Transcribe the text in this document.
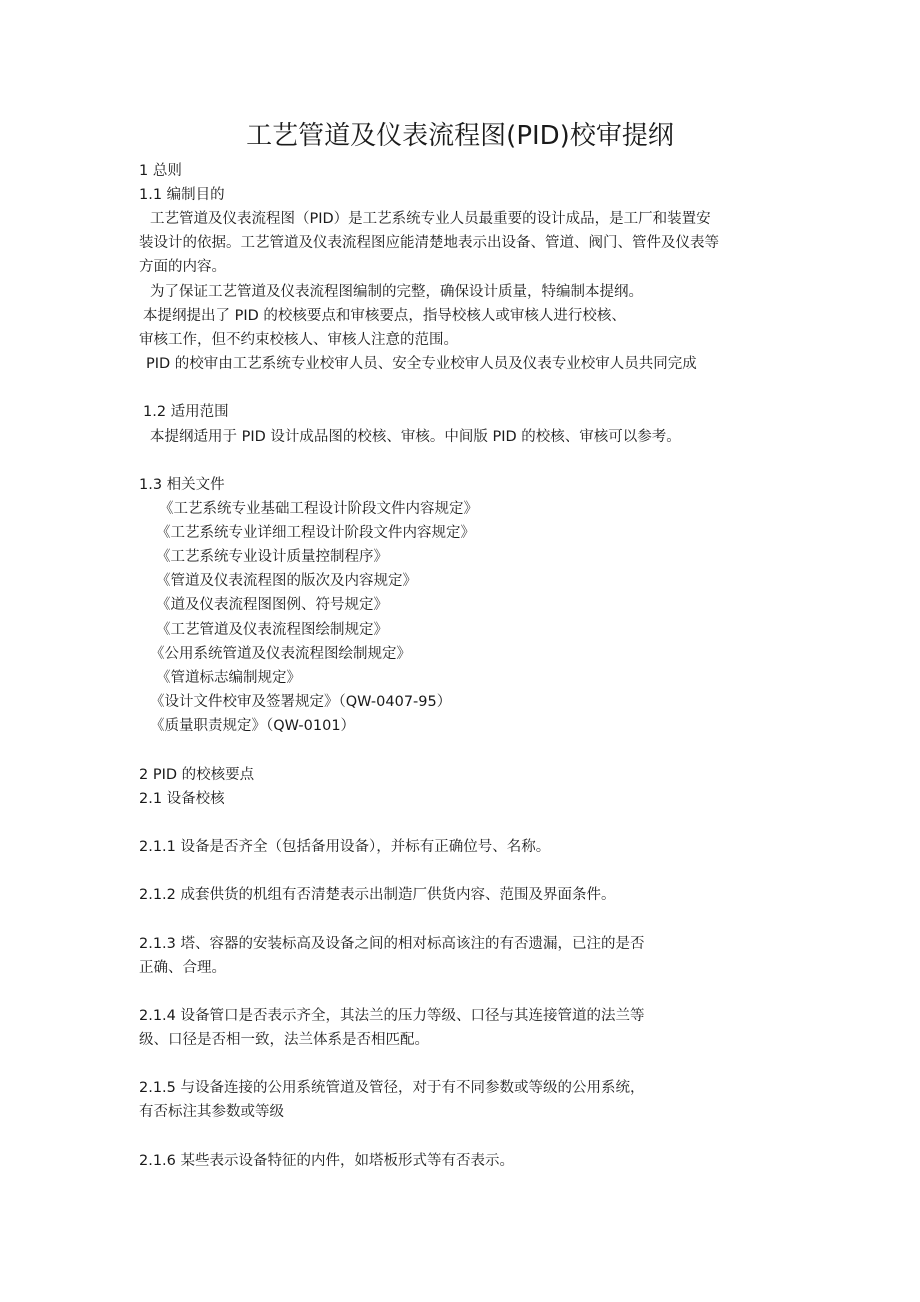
工艺管道及仪表流程图(PID)校审提纲

1 总则

1.1 编制目的

工艺管道及仪表流程图（PID）是工艺系统专业人员最重要的设计成品，是工厂和装置安

装设计的依据。工艺管道及仪表流程图应能清楚地表示出设备、管道、阀门、管件及仪表等

方面的内容。

为了保证工艺管道及仪表流程图编制的完整，确保设计质量，特编制本提纲。

本提纲提出了 PID 的校核要点和审核要点，指导校核人或审核人进行校核、

审核工作，但不约束校核人、审核人注意的范围。

PID 的校审由工艺系统专业校审人员、安全专业校审人员及仪表专业校审人员共同完成

1.2 适用范围

本提纲适用于 PID 设计成品图的校核、审核。中间版 PID 的校核、审核可以参考。

1.3 相关文件

《工艺系统专业基础工程设计阶段文件内容规定》

《工艺系统专业详细工程设计阶段文件内容规定》

《工艺系统专业设计质量控制程序》

《管道及仪表流程图的版次及内容规定》

《道及仪表流程图图例、符号规定》

《工艺管道及仪表流程图绘制规定》

《公用系统管道及仪表流程图绘制规定》

《管道标志编制规定》

《设计文件校审及签署规定》（QW-0407-95）

《质量职责规定》（QW-0101）

2 PID 的校核要点

2.1 设备校核

2.1.1 设备是否齐全（包括备用设备），并标有正确位号、名称。

2.1.2 成套供货的机组有否清楚表示出制造厂供货内容、范围及界面条件。

2.1.3 塔、容器的安装标高及设备之间的相对标高该注的有否遗漏，已注的是否

正确、合理。

2.1.4 设备管口是否表示齐全，其法兰的压力等级、口径与其连接管道的法兰等

级、口径是否相一致，法兰体系是否相匹配。

2.1.5 与设备连接的公用系统管道及管径，对于有不同参数或等级的公用系统，

有否标注其参数或等级

2.1.6 某些表示设备特征的内件，如塔板形式等有否表示。
